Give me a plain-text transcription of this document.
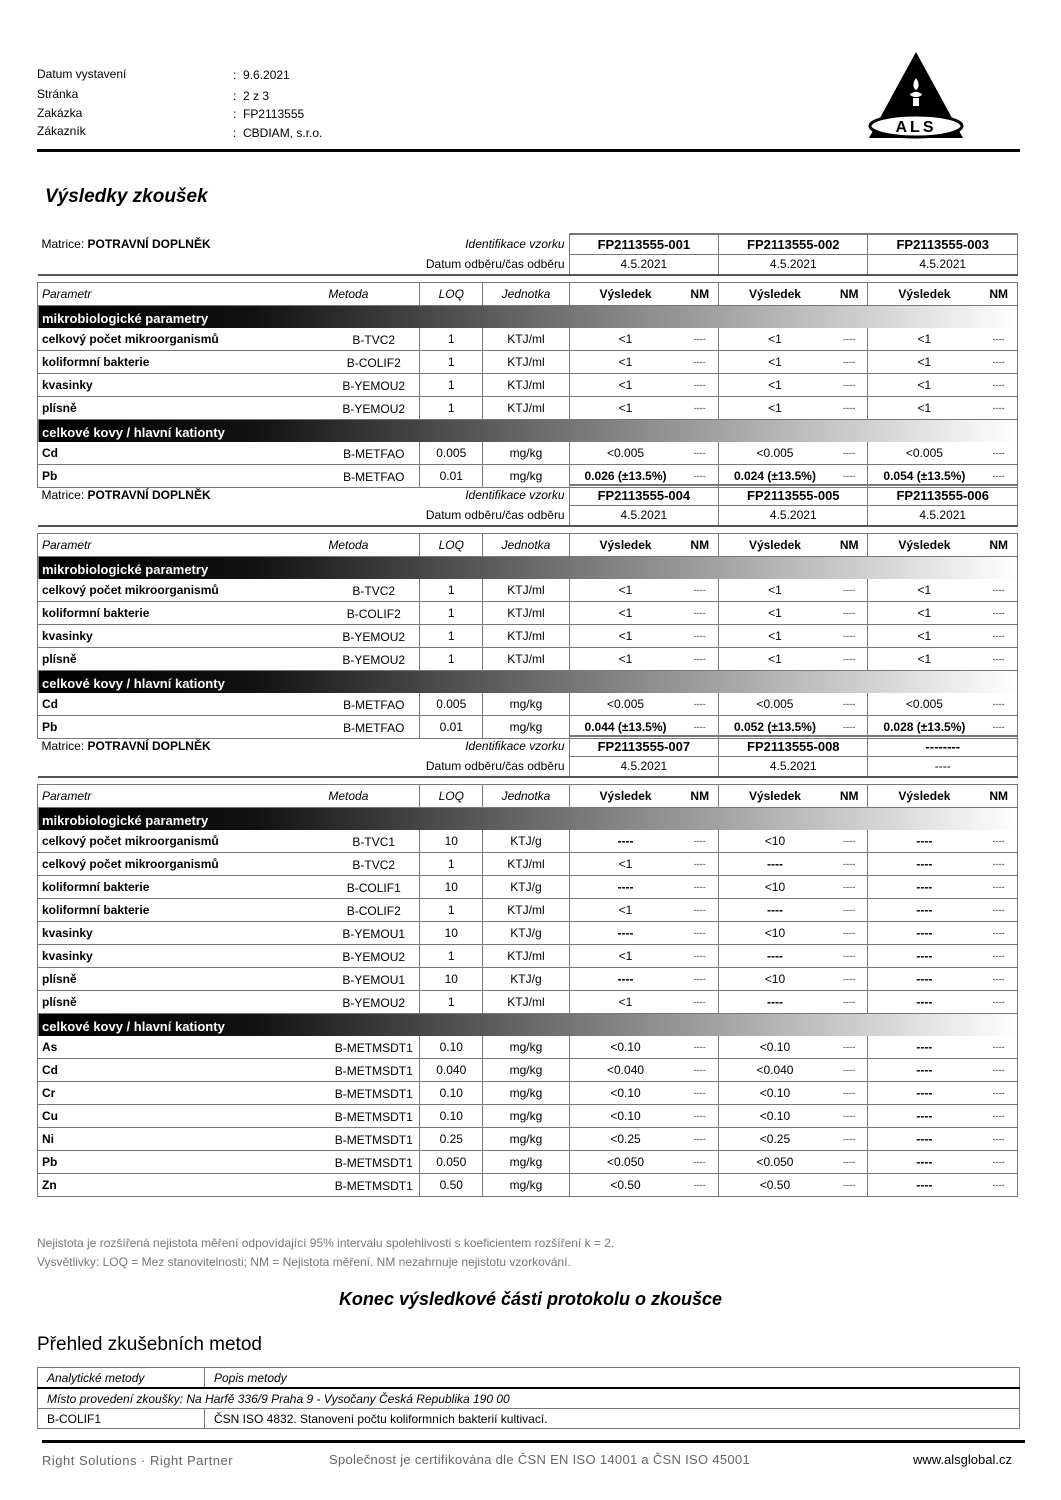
Datum vystavení	:  9.6.2021
Stránka	:  2 z 3
Zakázka	:  FP2113555
Zákazník	:  CBDIAM, s.r.o.	ALS
Výsledky zkoušek
Matrice: POTRAVNÍ DOPLNĚK		Identifikace vzorku		FP2113555-001		FP2113555-002		FP2113555-003	
		Datum odběru/čas odběru		4.5.2021		4.5.2021		4.5.2021	

Parametr	Metoda	LOQ	Jednotka	Výsledek	NM	Výsledek	NM	Výsledek	NM
mikrobiologické parametry									
celkový počet mikroorganismů	B-TVC2	1	KTJ/ml	<1	----	<1	----	<1	----
koliformní bakterie	B-COLIF2	1	KTJ/ml	<1	----	<1	----	<1	----
kvasinky	B-YEMOU2	1	KTJ/ml	<1	----	<1	----	<1	----
plísně	B-YEMOU2	1	KTJ/ml	<1	----	<1	----	<1	----
celkové kovy / hlavní kationty									
Cd	B-METFAO	0.005	mg/kg	<0.005	----	<0.005	----	<0.005	----
Pb	B-METFAO	0.01	mg/kg	0.026 (±13.5%)	----	0.024 (±13.5%)	----	0.054 (±13.5%)	----
Matrice: POTRAVNÍ DOPLNĚK		Identifikace vzorku		FP2113555-004		FP2113555-005		FP2113555-006	
		Datum odběru/čas odběru		4.5.2021		4.5.2021		4.5.2021	

Parametr	Metoda	LOQ	Jednotka	Výsledek	NM	Výsledek	NM	Výsledek	NM
mikrobiologické parametry									
celkový počet mikroorganismů	B-TVC2	1	KTJ/ml	<1	----	<1	----	<1	----
koliformní bakterie	B-COLIF2	1	KTJ/ml	<1	----	<1	----	<1	----
kvasinky	B-YEMOU2	1	KTJ/ml	<1	----	<1	----	<1	----
plísně	B-YEMOU2	1	KTJ/ml	<1	----	<1	----	<1	----
celkové kovy / hlavní kationty									
Cd	B-METFAO	0.005	mg/kg	<0.005	----	<0.005	----	<0.005	----
Pb	B-METFAO	0.01	mg/kg	0.044 (±13.5%)	----	0.052 (±13.5%)	----	0.028 (±13.5%)	----
Matrice: POTRAVNÍ DOPLNĚK		Identifikace vzorku		FP2113555-007		FP2113555-008		--------	
		Datum odběru/čas odběru		4.5.2021		4.5.2021		----	

Parametr	Metoda	LOQ	Jednotka	Výsledek	NM	Výsledek	NM	Výsledek	NM
mikrobiologické parametry									
celkový počet mikroorganismů	B-TVC1	10	KTJ/g	----	----	<10	----	----	----
celkový počet mikroorganismů	B-TVC2	1	KTJ/ml	<1	----	----	----	----	----
koliformní bakterie	B-COLIF1	10	KTJ/g	----	----	<10	----	----	----
koliformní bakterie	B-COLIF2	1	KTJ/ml	<1	----	----	----	----	----
kvasinky	B-YEMOU1	10	KTJ/g	----	----	<10	----	----	----
kvasinky	B-YEMOU2	1	KTJ/ml	<1	----	----	----	----	----
plísně	B-YEMOU1	10	KTJ/g	----	----	<10	----	----	----
plísně	B-YEMOU2	1	KTJ/ml	<1	----	----	----	----	----
celkové kovy / hlavní kationty									
As	B-METMSDT1	0.10	mg/kg	<0.10	----	<0.10	----	----	----
Cd	B-METMSDT1	0.040	mg/kg	<0.040	----	<0.040	----	----	----
Cr	B-METMSDT1	0.10	mg/kg	<0.10	----	<0.10	----	----	----
Cu	B-METMSDT1	0.10	mg/kg	<0.10	----	<0.10	----	----	----
Ni	B-METMSDT1	0.25	mg/kg	<0.25	----	<0.25	----	----	----
Pb	B-METMSDT1	0.050	mg/kg	<0.050	----	<0.050	----	----	----
Zn	B-METMSDT1	0.50	mg/kg	<0.50	----	<0.50	----	----	----
Nejistota je rozšířená nejistota měření odpovídající 95% intervalu spolehlivosti s koeficientem rozšíření k = 2.
Vysvětlivky: LOQ = Mez stanovitelnosti; NM = Nejistota měření. NM nezahrnuje nejistotu vzorkování.
Konec výsledkové části protokolu o zkoušce
Přehled zkušebních metod
Analytické metody	Popis metody
Místo provedení zkoušky: Na Harfě 336/9 Praha 9 - Vysočany Česká Republika 190 00	
B-COLIF1	ČSN ISO 4832. Stanovení počtu koliformních bakterií kultivací.
Right Solutions · Right Partner	Společnost je certifikována dle ČSN EN ISO 14001 a ČSN ISO 45001	www.alsglobal.cz
